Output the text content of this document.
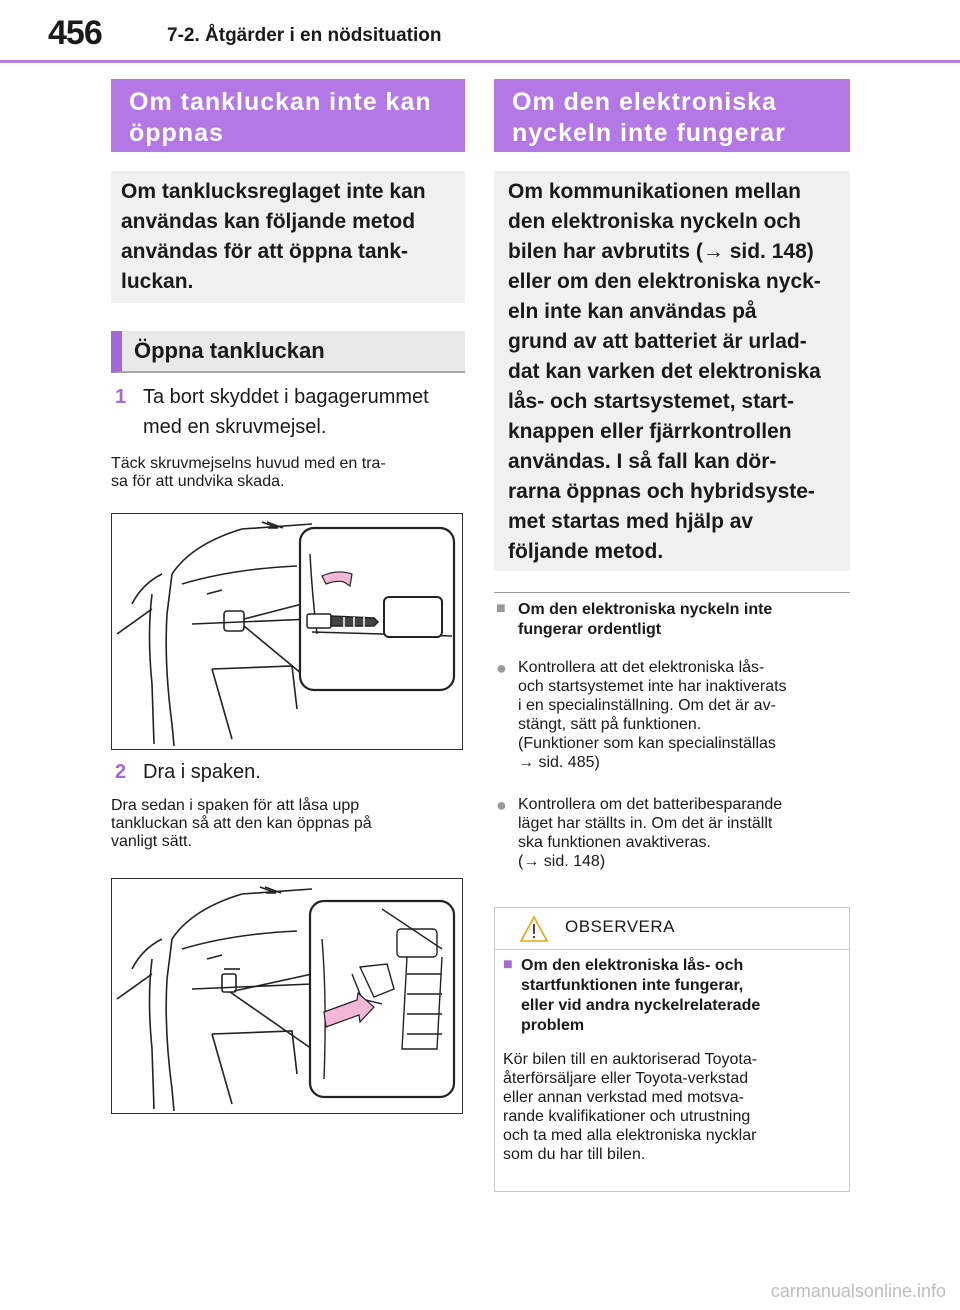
456	7-2. Åtgärder i en nödsituation
Om tankluckan inte kan öppnas
Om tanklucksreglaget inte kan användas kan följande metod användas för att öppna tank-luckan.
Öppna tankluckan
1 Ta bort skyddet i bagagerummet
med en skruvmejsel.
Täck skruvmejselns huvud med en tra-
sa för att undvika skada.
2 Dra i spaken.
Dra sedan i spaken för att låsa upp
tankluckan så att den kan öppnas på
vanligt sätt.
Om den elektroniska
nyckeln inte fungerar
Om kommunikationen mellan
den elektroniska nyckeln och
bilen har avbrutits (→ sid. 148)
eller om den elektroniska nyck-
eln inte kan användas på
grund av att batteriet är urlad-
dat kan varken det elektroniska
lås- och startsystemet, start-
knappen eller fjärrkontrollen
användas. I så fall kan dör-
rarna öppnas och hybridsyste-
met startas med hjälp av
följande metod.
■ Om den elektroniska nyckeln inte
fungerar ordentligt
● Kontrollera att det elektroniska lås-
och startsystemet inte har inaktiverats
i en specialinställning. Om det är av-
stängt, sätt på funktionen.
(Funktioner som kan specialinställas
→ sid. 485)
● Kontrollera om det batteribesparande
läget har ställts in. Om det är inställt
ska funktionen avaktiveras.
(→ sid. 148)
OBSERVERA
■ Om den elektroniska lås- och
startfunktionen inte fungerar,
eller vid andra nyckelrelaterade
problem
Kör bilen till en auktoriserad Toyota-
återförsäljare eller Toyota-verkstad
eller annan verkstad med motsva-
rande kvalifikationer och utrustning
och ta med alla elektroniska nycklar
som du har till bilen.
carmanualsonline.info
